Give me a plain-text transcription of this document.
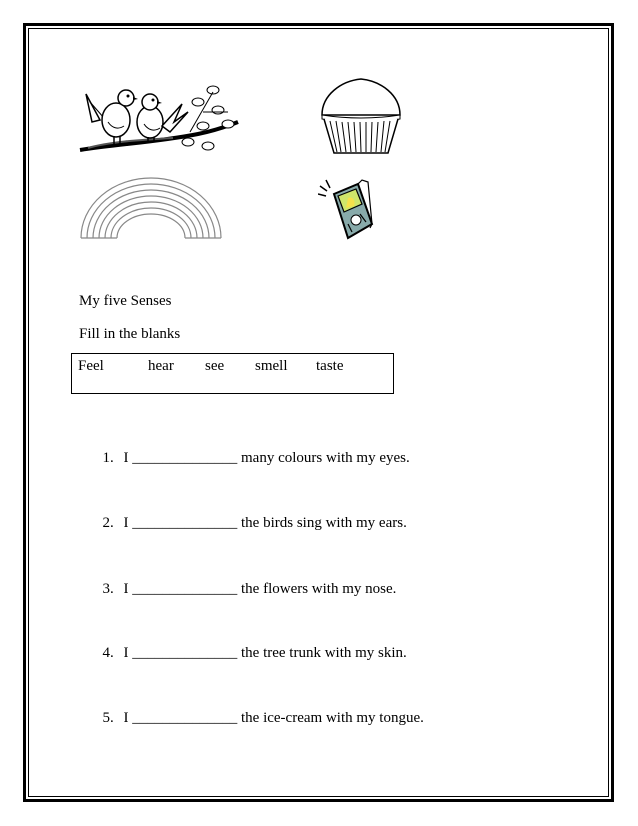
My five Senses
Fill in the blanks
Feel	hear see smell taste

1. I ______________ many colours with my eyes.

2. I ______________ the birds sing with my ears.

3. I ______________ the flowers with my nose.

4. I ______________ the tree trunk with my skin.

5. I ______________ the ice-cream with my tongue.
